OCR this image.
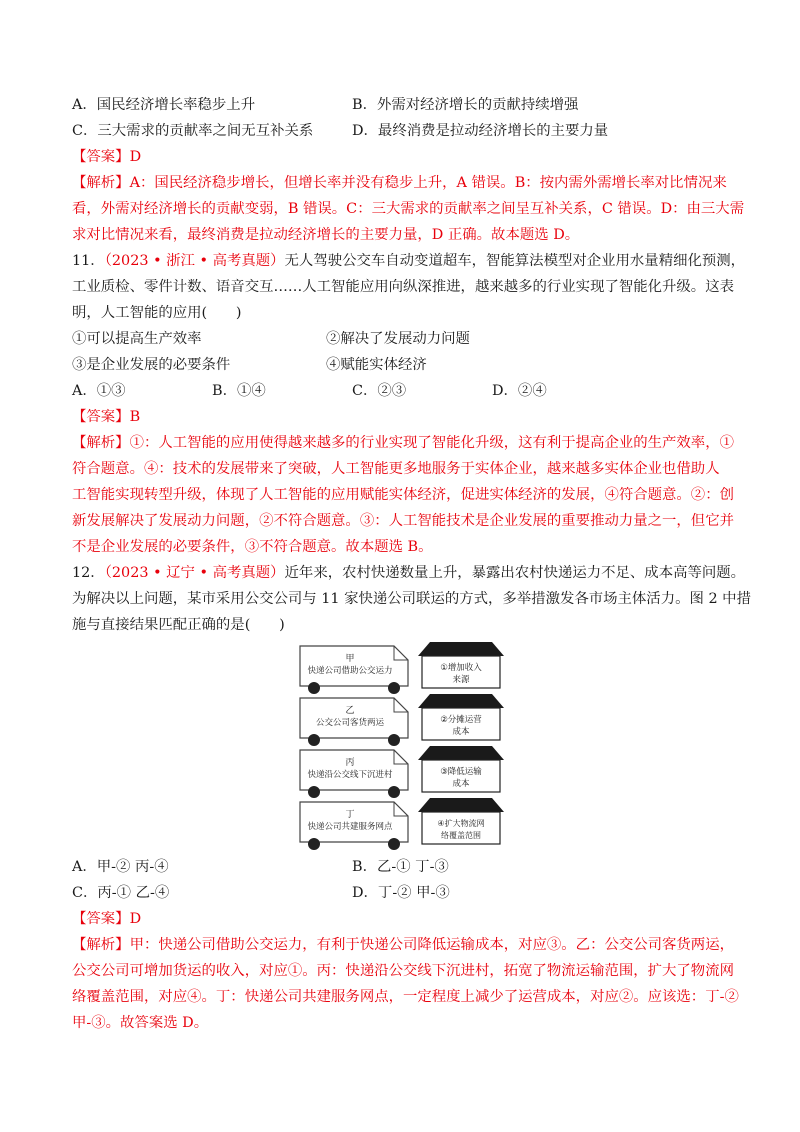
A．国民经济增长率稳步上升	B．外需对经济增长的贡献持续增强
C．三大需求的贡献率之间无互补关系	D．最终消费是拉动经济增长的主要力量
【答案】D
【解析】A：国民经济稳步增长，但增长率并没有稳步上升，A 错误。B：按内需外需增长率对比情况来
看，外需对经济增长的贡献变弱，B 错误。C：三大需求的贡献率之间呈互补关系，C 错误。D：由三大需
求对比情况来看，最终消费是拉动经济增长的主要力量，D 正确。故本题选 D。
11．（2023 • 浙江 • 高考真题）无人驾驶公交车自动变道超车，智能算法模型对企业用水量精细化预测，
工业质检、零件计数、语音交互……人工智能应用向纵深推进，越来越多的行业实现了智能化升级。这表
明，人工智能的应用(　　)
①可以提高生产效率	②解决了发展动力问题
③是企业发展的必要条件	④赋能实体经济
A．①③	B．①④	C．②③	D．②④
【答案】B
【解析】①：人工智能的应用使得越来越多的行业实现了智能化升级，这有利于提高企业的生产效率，①
符合题意。④：技术的发展带来了突破，人工智能更多地服务于实体企业，越来越多实体企业也借助人
工智能实现转型升级，体现了人工智能的应用赋能实体经济，促进实体经济的发展，④符合题意。②：创
新发展解决了发展动力问题，②不符合题意。③：人工智能技术是企业发展的重要推动力量之一，但它并
不是企业发展的必要条件，③不符合题意。故本题选 B。
12．（2023 • 辽宁 • 高考真题）近年来，农村快递数量上升，暴露出农村快递运力不足、成本高等问题。
为解决以上问题，某市采用公交公司与 11 家快递公司联运的方式，多举措激发各市场主体活力。图 2 中措
施与直接结果匹配正确的是(　　)
甲
快递公司借助公交运力	①增加收入
来源
乙
公交公司客货两运	②分摊运营
成本
丙
快递沿公交线下沉进村	③降低运输
成本
丁
快递公司共建服务网点	④扩大物流网
络覆盖范围
A．甲-② 丙-④	B．乙-① 丁-③
C．丙-① 乙-④	D．丁-② 甲-③
【答案】D
【解析】甲：快递公司借助公交运力，有利于快递公司降低运输成本，对应③。乙：公交公司客货两运，
公交公司可增加货运的收入，对应①。丙：快递沿公交线下沉进村，拓宽了物流运输范围，扩大了物流网
络覆盖范围，对应④。丁：快递公司共建服务网点，一定程度上减少了运营成本，对应②。应该选：丁-②
甲-③。故答案选 D。
